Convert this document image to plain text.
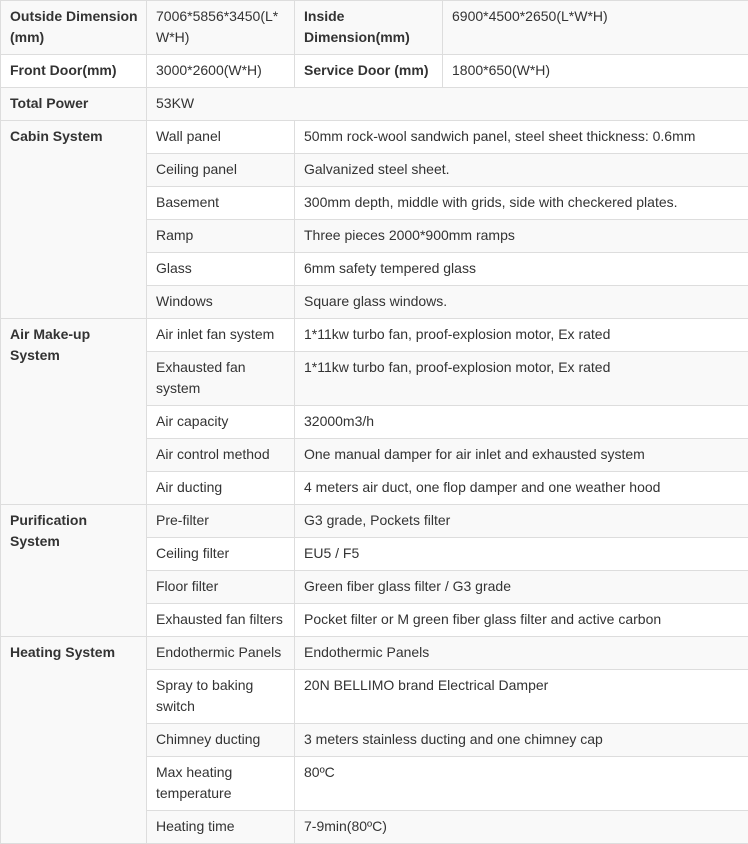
Outside Dimension (mm)	7006*5856*3450(L*W*H)	Inside Dimension(mm)	6900*4500*2650(L*W*H)
Front Door(mm)	3000*2600(W*H)	Service Door (mm)	1800*650(W*H)
Total Power	53KW		
Cabin System	Wall panel	50mm rock-wool sandwich panel, steel sheet thickness: 0.6mm	
	Ceiling panel	Galvanized steel sheet.	
	Basement	300mm depth, middle with grids, side with checkered plates.	
	Ramp	Three pieces 2000*900mm ramps	
	Glass	6mm safety tempered glass	
	Windows	Square glass windows.	
Air Make-up System	Air inlet fan system	1*11kw turbo fan, proof-explosion motor, Ex rated	
	Exhausted fan system	1*11kw turbo fan, proof-explosion motor, Ex rated	
	Air capacity	32000m3/h	
	Air control method	One manual damper for air inlet and exhausted system	
	Air ducting	4 meters air duct, one flop damper and one weather hood	
Purification System	Pre-filter	G3 grade, Pockets filter	
	Ceiling filter	EU5 / F5	
	Floor filter	Green fiber glass filter / G3 grade	
	Exhausted fan filters	Pocket filter or M green fiber glass filter and active carbon	
Heating System	Endothermic Panels	Endothermic Panels	
	Spray to baking switch	20N BELLIMO brand Electrical Damper	
	Chimney ducting	3 meters stainless ducting and one chimney cap	
	Max heating temperature	80ºC	
	Heating time	7-9min(80ºC)	
